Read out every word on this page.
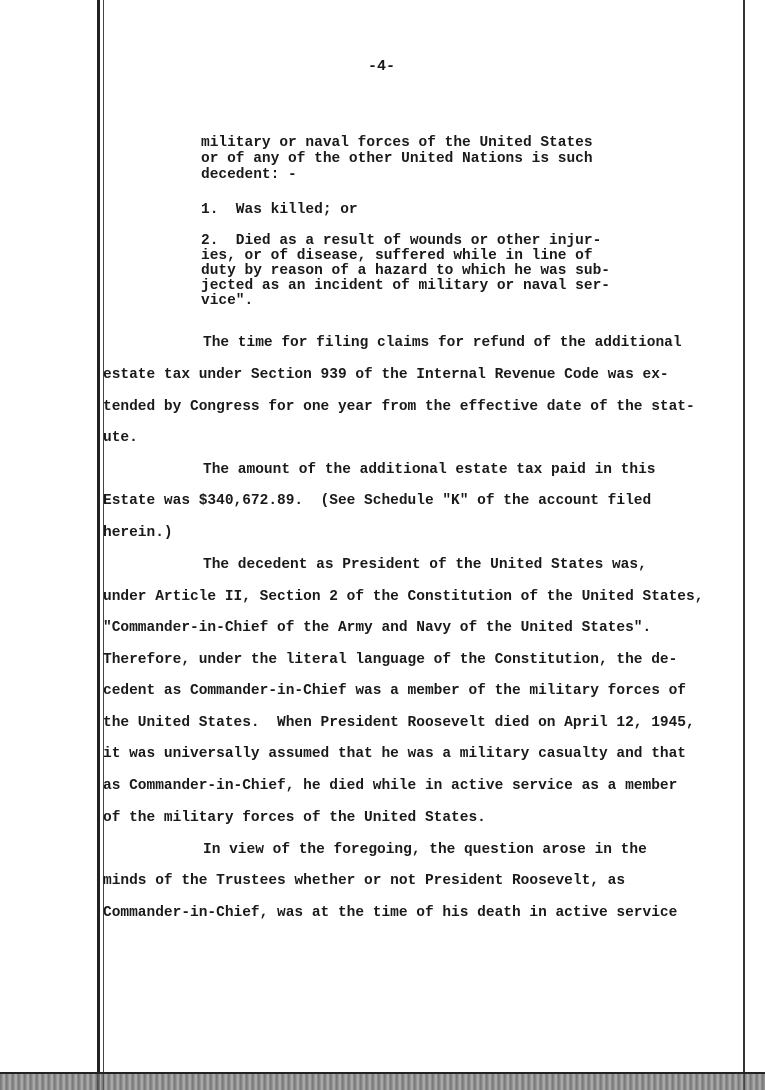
-4-
military or naval forces of the United States
or of any of the other United Nations is such
decedent: -
1.  Was killed; or
2.  Died as a result of wounds or other injur-
ies, or of disease, suffered while in line of
duty by reason of a hazard to which he was sub-
jected as an incident of military or naval ser-
vice".
The time for filing claims for refund of the additional
estate tax under Section 939 of the Internal Revenue Code was ex-
tended by Congress for one year from the effective date of the stat-
ute.
The amount of the additional estate tax paid in this
Estate was $340,672.89.  (See Schedule "K" of the account filed
herein.)
The decedent as President of the United States was,
under Article II, Section 2 of the Constitution of the United States,
"Commander-in-Chief of the Army and Navy of the United States".
Therefore, under the literal language of the Constitution, the de-
cedent as Commander-in-Chief was a member of the military forces of
the United States.  When President Roosevelt died on April 12, 1945,
it was universally assumed that he was a military casualty and that
as Commander-in-Chief, he died while in active service as a member
of the military forces of the United States.
In view of the foregoing, the question arose in the
minds of the Trustees whether or not President Roosevelt, as
Commander-in-Chief, was at the time of his death in active service
